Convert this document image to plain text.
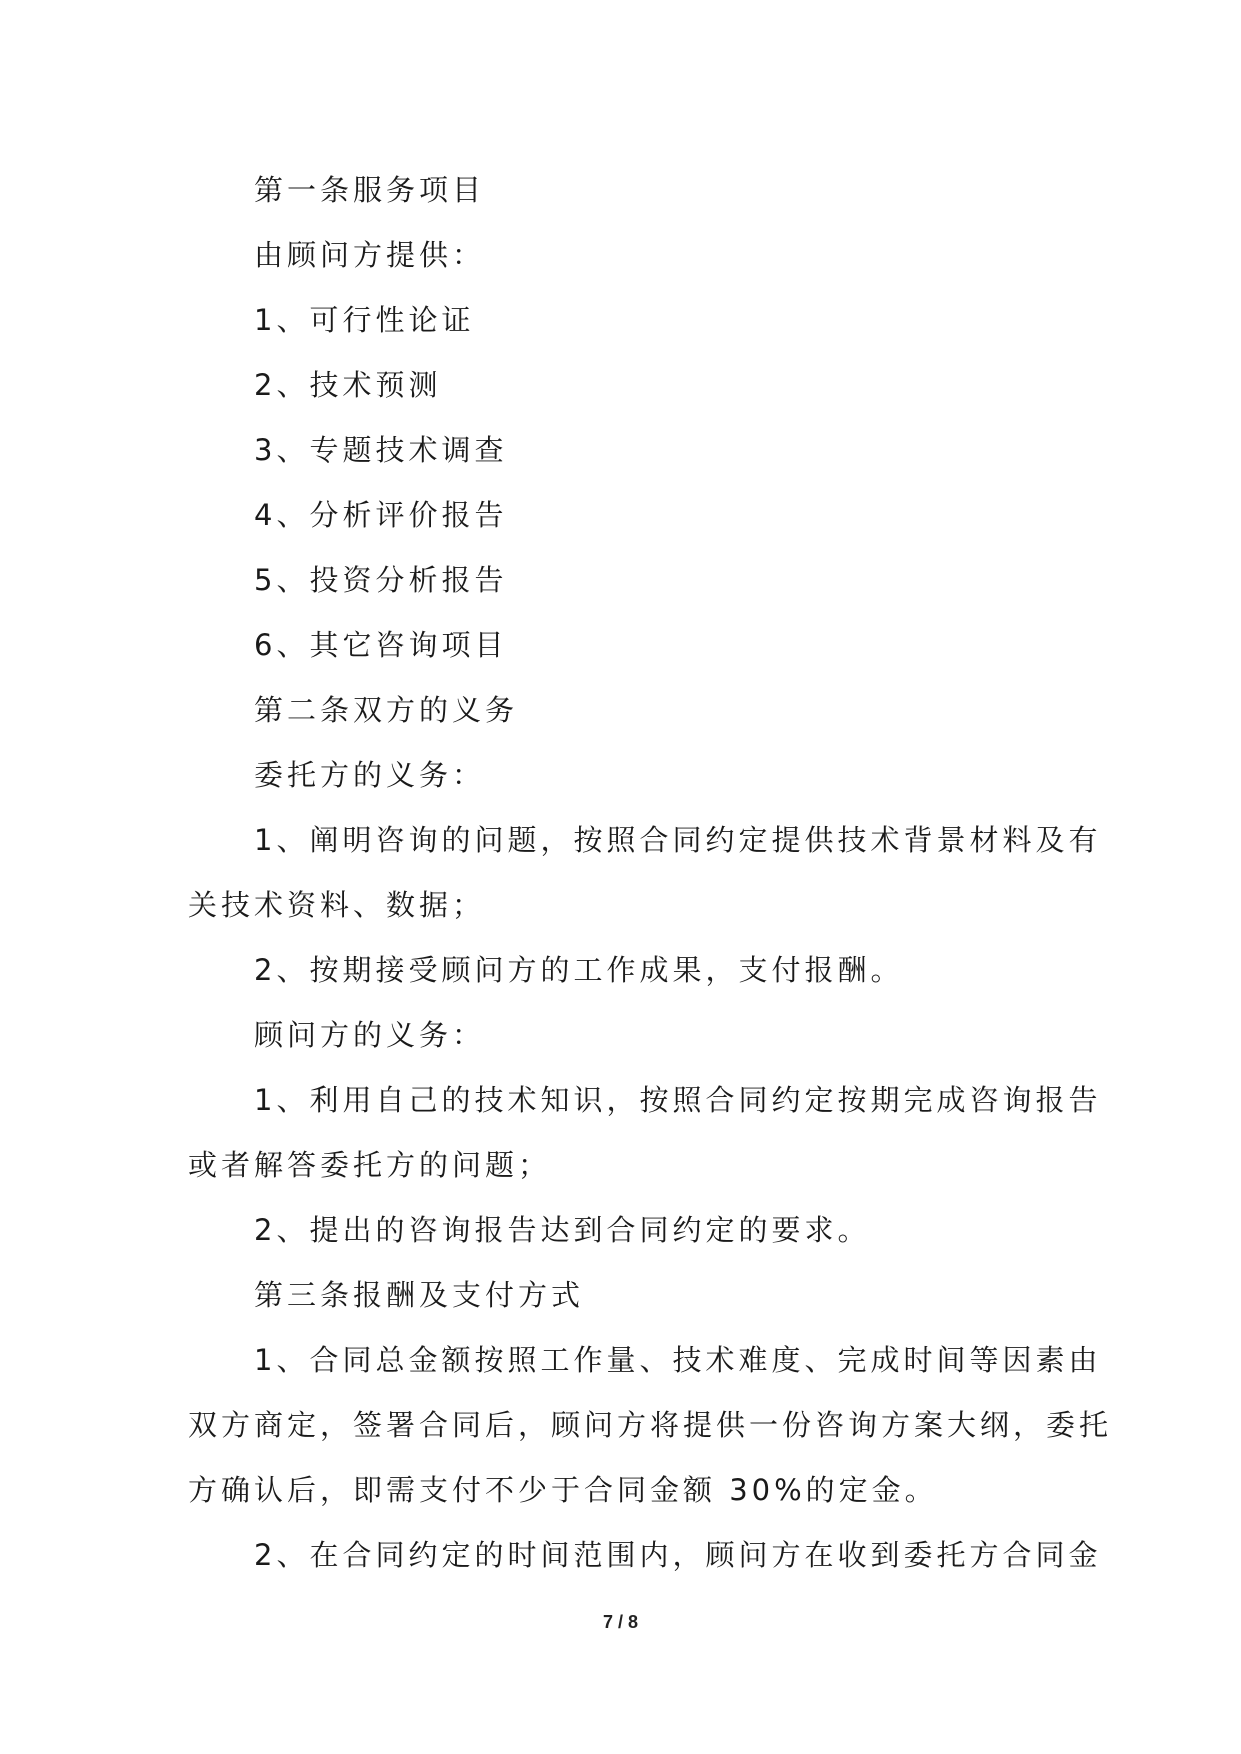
第一条服务项目

由顾问方提供：

1、可行性论证

2、技术预测

3、专题技术调查

4、分析评价报告

5、投资分析报告

6、其它咨询项目

第二条双方的义务

委托方的义务：

1、阐明咨询的问题，按照合同约定提供技术背景材料及有

关技术资料、数据；

2、按期接受顾问方的工作成果，支付报酬。

顾问方的义务：

1、利用自己的技术知识，按照合同约定按期完成咨询报告

或者解答委托方的问题；

2、提出的咨询报告达到合同约定的要求。

第三条报酬及支付方式

1、合同总金额按照工作量、技术难度、完成时间等因素由

双方商定，签署合同后，顾问方将提供一份咨询方案大纲，委托

方确认后，即需支付不少于合同金额 30%的定金。

2、在合同约定的时间范围内，顾问方在收到委托方合同金

7 / 8
